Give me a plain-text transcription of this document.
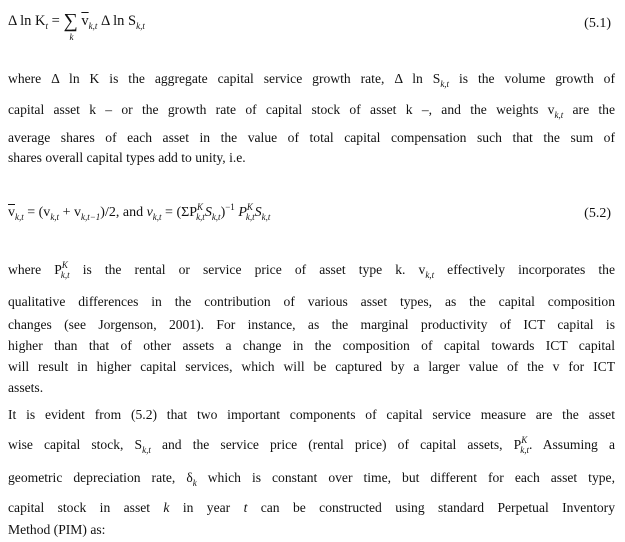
Δ $\ln K_t$ = ∑
k
$\overline{v}_{k,t}$ Δ $\ln S_{k,t}$	(5.1)
where Δ ln K is the aggregate capital service growth rate, Δ $\ln S_{k,t}$ is the volume growth of
capital asset k – or the growth rate of capital stock of asset k –, and the weights $v_{k,t}$ are the
average shares of each asset in the value of total capital compensation such that the sum of
shares overall capital types add to unity, i.e.
$\overline{v}_{k,t} = (v_{k,t} + v_{k,t-1})/2$, and $v_{k,t} = (\Sigma P^K_{k,t}S_{k,t})^{-1}$ $P^K_{k,t}S_{k,t}$	(5.2)
where $P^K_{k,t}$ is the rental or service price of asset type k. $v_{k,t}$ effectively incorporates the
qualitative differences in the contribution of various asset types, as the capital composition
changes (see Jorgenson, 2001). For instance, as the marginal productivity of ICT capital is
higher than that of other assets a change in the composition of capital towards ICT capital
will result in higher capital services, which will be captured by a larger value of the v for ICT
assets.
It is evident from (5.2) that two important components of capital service measure are the asset
wise capital stock, $S_{k,t}$ and the service price (rental price) of capital assets, $P^K_{k,t}$. Assuming a
geometric depreciation rate, $\delta_k$ which is constant over time, but different for each asset type,
capital stock in asset k in year t can be constructed using standard Perpetual Inventory
Method (PIM) as:
